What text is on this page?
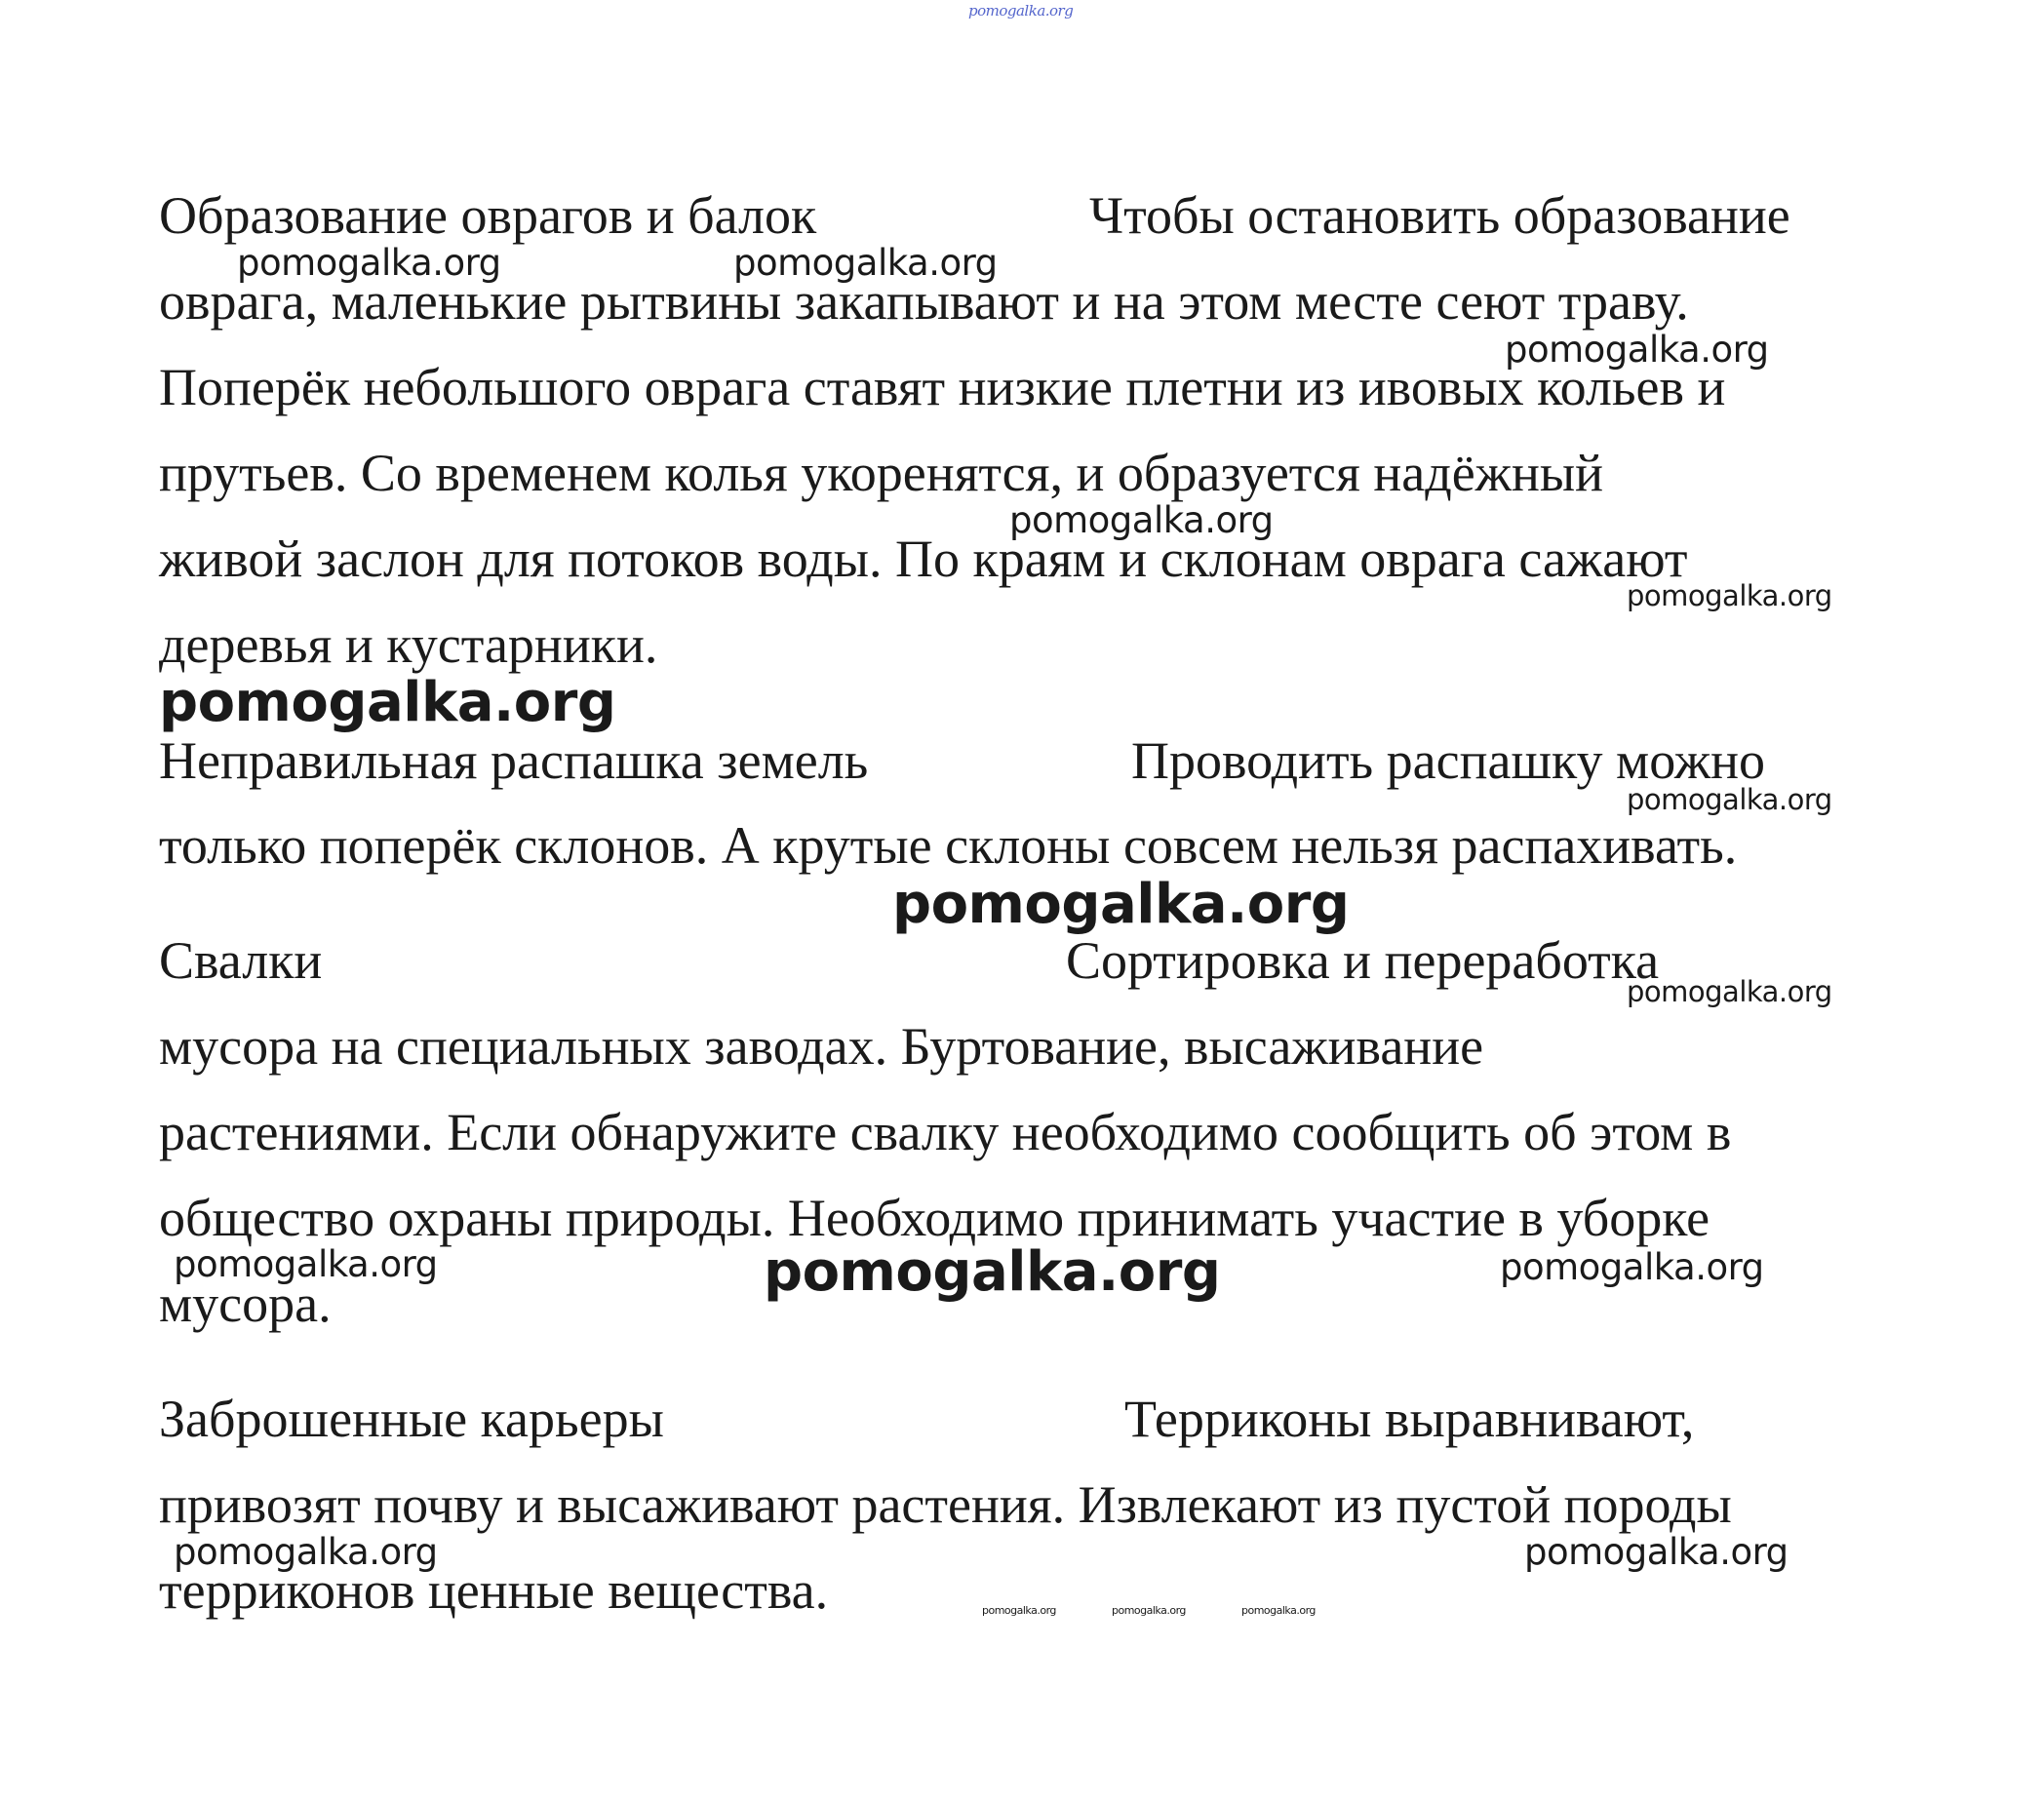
pomogalka.org

Образование оврагов и балок	Чтобы остановить образование

оврага, маленькие рытвины закапывают и на этом месте сеют траву.

Поперёк небольшого оврага ставят низкие плетни из ивовых кольев и

прутьев. Со временем колья укоренятся, и образуется надёжный

живой заслон для потоков воды. По краям и склонам оврага сажают

деревья и кустарники.

Неправильная распашка земель	Проводить распашку можно

только поперёк склонов. А крутые склоны совсем нельзя распахивать.

Свалки	Сортировка и переработка

мусора на специальных заводах. Буртование, высаживание

растениями. Если обнаружите свалку необходимо сообщить об этом в

общество охраны природы. Необходимо принимать участие в уборке

мусора.

Заброшенные карьеры	Терриконы выравнивают,

привозят почву и высаживают растения. Извлекают из пустой породы

терриконов ценные вещества.

pomogalka.org	pomogalka.org

pomogalka.org

pomogalka.org

pomogalka.org

pomogalka.org

pomogalka.org

pomogalka.org

pomogalka.org

pomogalka.org	pomogalka.org	pomogalka.org

pomogalka.org	pomogalka.org

pomogalka.org	pomogalka.org	pomogalka.org
